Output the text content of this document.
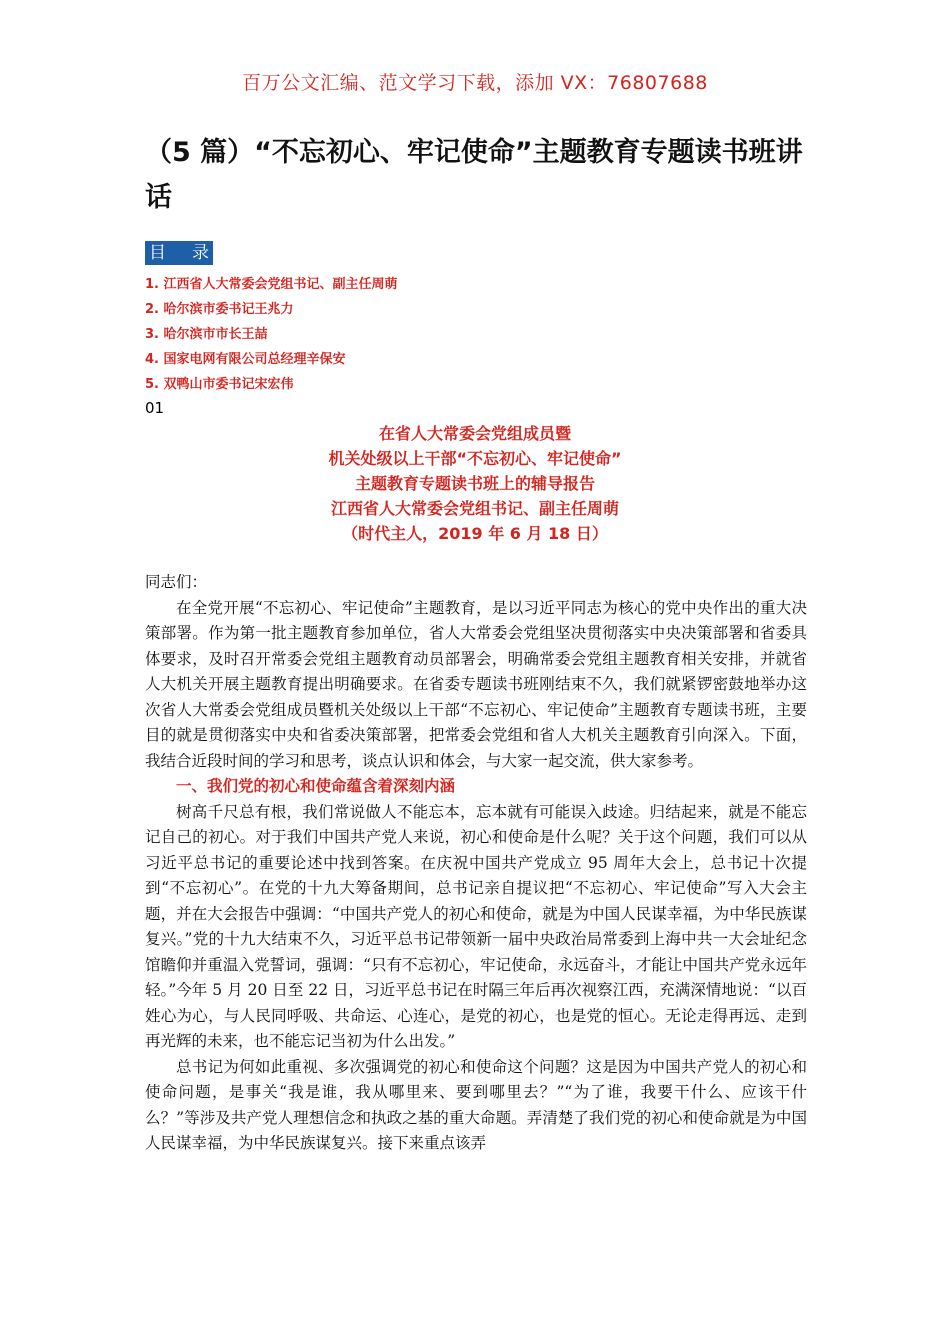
百万公文汇编、范文学习下载，添加 VX：76807688
（5 篇）“不忘初心、牢记使命”主题教育专题读书班讲话
目 录
1. 江西省人大常委会党组书记、副主任周萌
2. 哈尔滨市委书记王兆力
3. 哈尔滨市市长王喆
4. 国家电网有限公司总经理辛保安
5. 双鸭山市委书记宋宏伟
01
在省人大常委会党组成员暨
机关处级以上干部“不忘初心、牢记使命”
主题教育专题读书班上的辅导报告
江西省人大常委会党组书记、副主任周萌
（时代主人，2019 年 6 月 18 日）

同志们：

在全党开展“不忘初心、牢记使命”主题教育，是以习近平同志为核心的党中央作出的重大决策部署。作为第一批主题教育参加单位，省人大常委会党组坚决贯彻落实中央决策部署和省委具体要求，及时召开常委会党组主题教育动员部署会，明确常委会党组主题教育相关安排，并就省人大机关开展主题教育提出明确要求。在省委专题读书班刚结束不久，我们就紧锣密鼓地举办这次省人大常委会党组成员暨机关处级以上干部“不忘初心、牢记使命”主题教育专题读书班，主要目的就是贯彻落实中央和省委决策部署，把常委会党组和省人大机关主题教育引向深入。下面，我结合近段时间的学习和思考，谈点认识和体会，与大家一起交流，供大家参考。

一、我们党的初心和使命蕴含着深刻内涵

树高千尺总有根，我们常说做人不能忘本，忘本就有可能误入歧途。归结起来，就是不能忘记自己的初心。对于我们中国共产党人来说，初心和使命是什么呢？关于这个问题，我们可以从习近平总书记的重要论述中找到答案。在庆祝中国共产党成立 95 周年大会上，总书记十次提到“不忘初心”。在党的十九大筹备期间，总书记亲自提议把“不忘初心、牢记使命”写入大会主题，并在大会报告中强调：“中国共产党人的初心和使命，就是为中国人民谋幸福，为中华民族谋复兴。”党的十九大结束不久，习近平总书记带领新一届中央政治局常委到上海中共一大会址纪念馆瞻仰并重温入党誓词，强调：“只有不忘初心，牢记使命，永远奋斗，才能让中国共产党永远年轻。”今年 5 月 20 日至 22 日，习近平总书记在时隔三年后再次视察江西，充满深情地说：“以百姓心为心，与人民同呼吸、共命运、心连心，是党的初心，也是党的恒心。无论走得再远、走到再光辉的未来，也不能忘记当初为什么出发。”

总书记为何如此重视、多次强调党的初心和使命这个问题？这是因为中国共产党人的初心和使命问题，是事关“我是谁，我从哪里来、要到哪里去？”“为了谁，我要干什么、应该干什么？”等涉及共产党人理想信念和执政之基的重大命题。弄清楚了我们党的初心和使命就是为中国人民谋幸福，为中华民族谋复兴。接下来重点该弄
